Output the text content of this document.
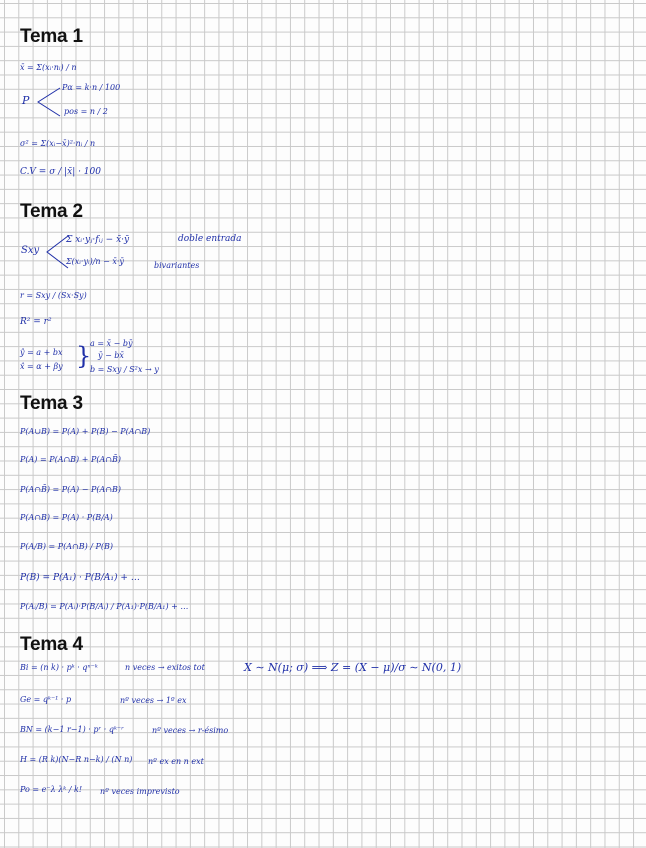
Tema 1

x̄ = Σ(xᵢ·nᵢ) / n

P

Pα = k·n / 100

pos = n / 2

σ² = Σ(xᵢ−x̄)²·nᵢ / n

C.V = σ / |x̄| · 100

Tema 2
Sxy

Σ xᵢ·yⱼ·fᵢⱼ − x̄·ȳ	doble entrada

Σ(xᵢ·yᵢ)/n − x̄·ȳ	bivariantes

r = Sxy / (Sx·Sy)

R² = r²

ŷ = a + bx

x̂ = α + βy }

a = x̄ − bȳ

ȳ − bx̄

b = Sxy / S²x → y

Tema 3

P(A∪B) = P(A) + P(B) − P(A∩B)

P(A) = P(A∩B) + P(A∩B̄)

P(A∩B̄) = P(A) − P(A∩B)

P(A∩B) = P(A) · P(B/A)

P(A/B) = P(A∩B) / P(B)

P(B) = P(A₁) · P(B/A₁) + …

P(Aᵢ/B) = P(Aᵢ)·P(B/Aᵢ) / P(A₁)·P(B/A₁) + …

Tema 4

Bi = (n k) · pᵏ · qⁿ⁻ᵏ	n veces → exitos tot	X ∼ N(μ; σ) ⟹ Z = (X − μ)/σ ∼ N(0, 1)

Ge = qᵏ⁻¹ · p	nº veces → 1º ex

BN = (k−1 r−1) · pʳ · qᵏ⁻ʳ	nº veces → r-ésimo

H = (R k)(N−R n−k) / (N n) nº ex en n ext

Po = e⁻λ λᵏ / k! nº veces imprevisto
